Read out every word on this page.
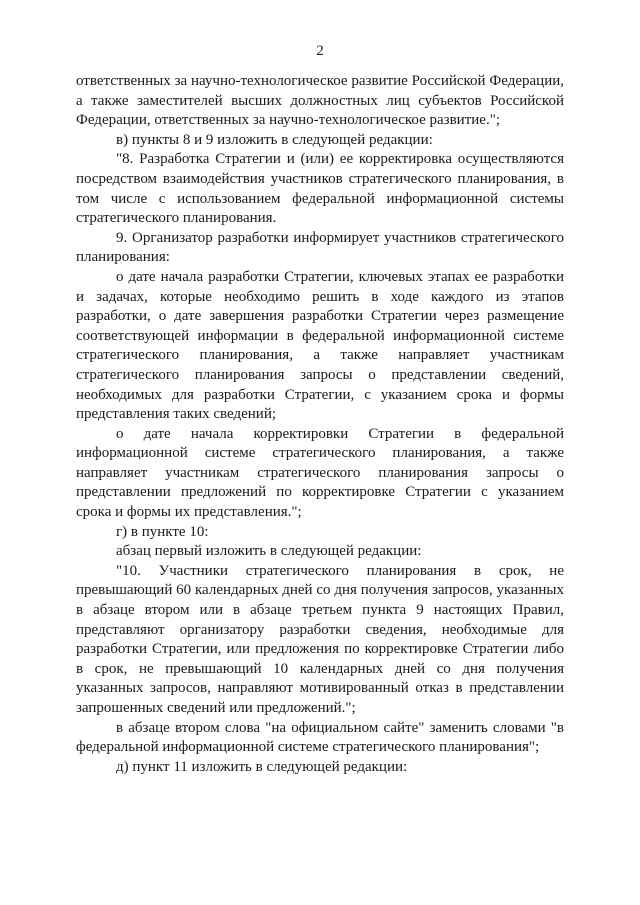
2

ответственных за научно-технологическое развитие Российской Федерации, а также заместителей высших должностных лиц субъектов Российской Федерации, ответственных за научно-технологическое развитие.";

в) пункты 8 и 9 изложить в следующей редакции:

"8. Разработка Стратегии и (или) ее корректировка осуществляются посредством взаимодействия участников стратегического планирования, в том числе с использованием федеральной информационной системы стратегического планирования.

9. Организатор разработки информирует участников стратегического планирования:

о дате начала разработки Стратегии, ключевых этапах ее разработки и задачах, которые необходимо решить в ходе каждого из этапов разработки, о дате завершения разработки Стратегии через размещение соответствующей информации в федеральной информационной системе стратегического планирования, а также направляет участникам стратегического планирования запросы о представлении сведений, необходимых для разработки Стратегии, с указанием срока и формы представления таких сведений;

о дате начала корректировки Стратегии в федеральной информационной системе стратегического планирования, а также направляет участникам стратегического планирования запросы о представлении предложений по корректировке Стратегии с указанием срока и формы их представления.";

г) в пункте 10:

абзац первый изложить в следующей редакции:

"10. Участники стратегического планирования в срок, не превышающий 60 календарных дней со дня получения запросов, указанных в абзаце втором или в абзаце третьем пункта 9 настоящих Правил, представляют организатору разработки сведения, необходимые для разработки Стратегии, или предложения по корректировке Стратегии либо в срок, не превышающий 10 календарных дней со дня получения указанных запросов, направляют мотивированный отказ в представлении запрошенных сведений или предложений.";

в абзаце втором слова "на официальном сайте" заменить словами "в федеральной информационной системе стратегического планирования";

д) пункт 11 изложить в следующей редакции:
